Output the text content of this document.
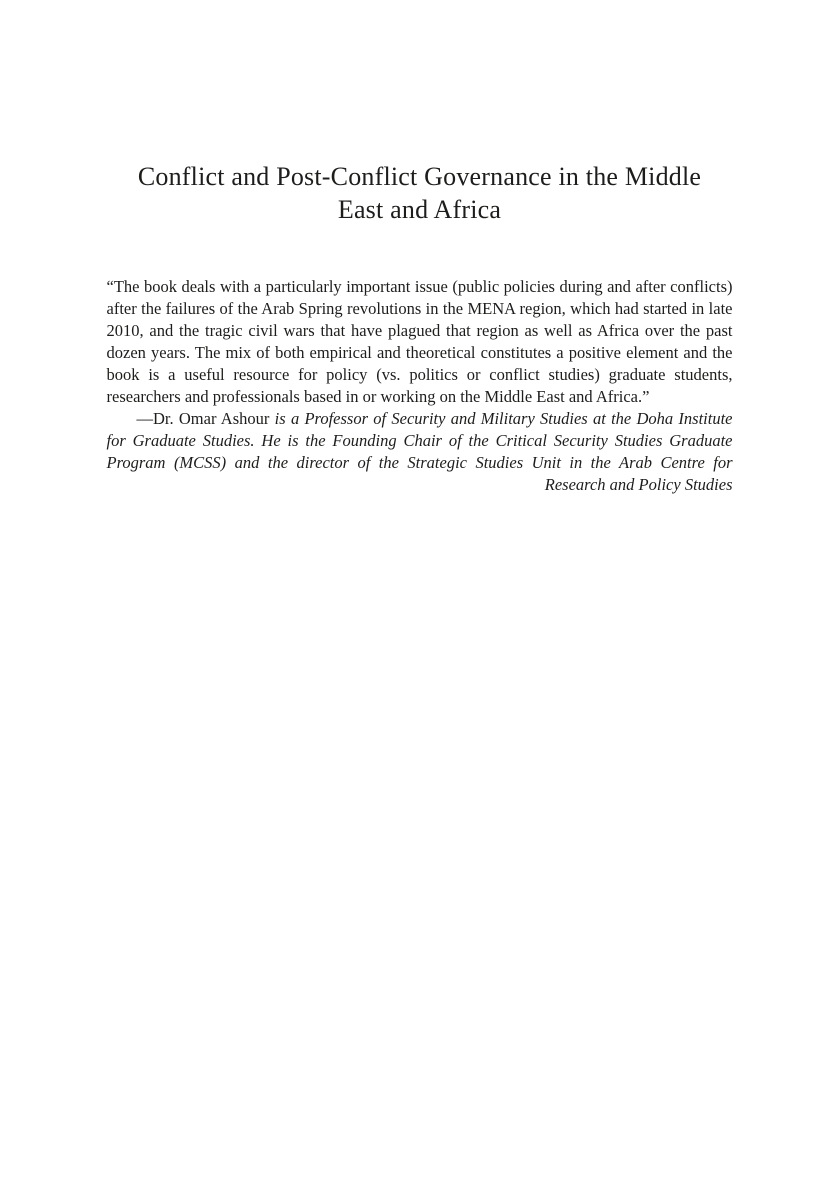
Conflict and Post-Conflict Governance in the Middle East and Africa

“The book deals with a particularly important issue (public policies during and after conflicts) after the failures of the Arab Spring revolutions in the MENA region, which had started in late 2010, and the tragic civil wars that have plagued that region as well as Africa over the past dozen years. The mix of both empirical and theoretical constitutes a positive element and the book is a useful resource for policy (vs. politics or conflict studies) graduate students, researchers and professionals based in or working on the Middle East and Africa.”

—Dr. Omar Ashour is a Professor of Security and Military Studies at the Doha Institute for Graduate Studies. He is the Founding Chair of the Critical Security Studies Graduate Program (MCSS) and the director of the Strategic Studies Unit in the Arab Centre for Research and Policy Studies
